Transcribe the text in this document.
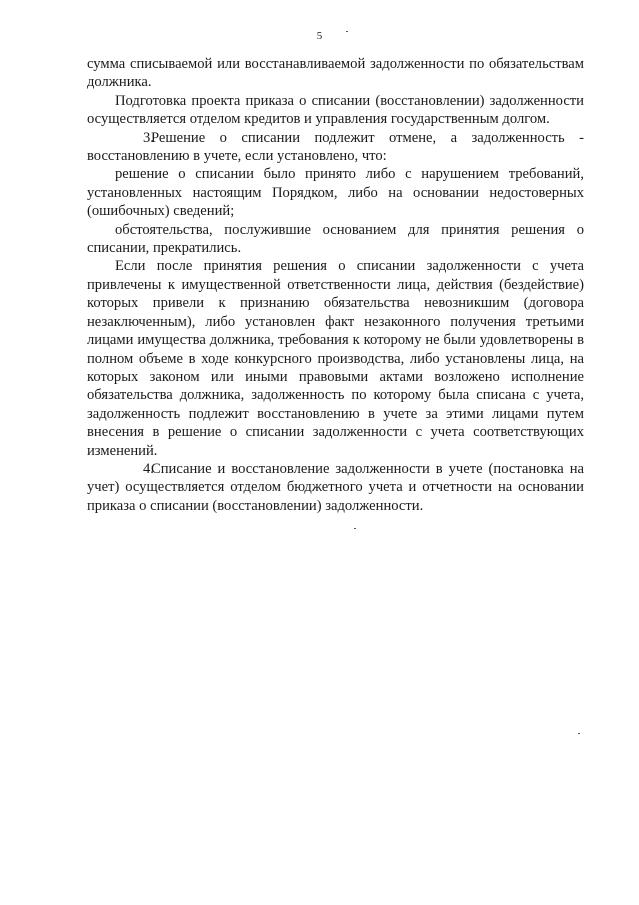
5

сумма списываемой или восстанавливаемой задолженности по обязательствам должника.

Подготовка проекта приказа о списании (восстановлении) задолженности осуществляется отделом кредитов и управления государственным долгом.

3.Решение о списании подлежит отмене, а задолженность - восстановлению в учете, если установлено, что:

решение о списании было принято либо с нарушением требований, установленных настоящим Порядком, либо на основании недостоверных (ошибочных) сведений;

обстоятельства, послужившие основанием для принятия решения о списании, прекратились.

Если после принятия решения о списании задолженности с учета привлечены к имущественной ответственности лица, действия (бездействие) которых привели к признанию обязательства невозникшим (договора незаключенным), либо установлен факт незаконного получения третьими лицами имущества должника, требования к которому не были удовлетворены в полном объеме в ходе конкурсного производства, либо установлены лица, на которых законом или иными правовыми актами возложено исполнение обязательства должника, задолженность по которому была списана с учета, задолженность подлежит восстановлению в учете за этими лицами путем внесения в решение о списании задолженности с учета соответствующих изменений.

4.Списание и восстановление задолженности в учете (постановка на учет) осуществляется отделом бюджетного учета и отчетности на основании приказа о списании (восстановлении) задолженности.
